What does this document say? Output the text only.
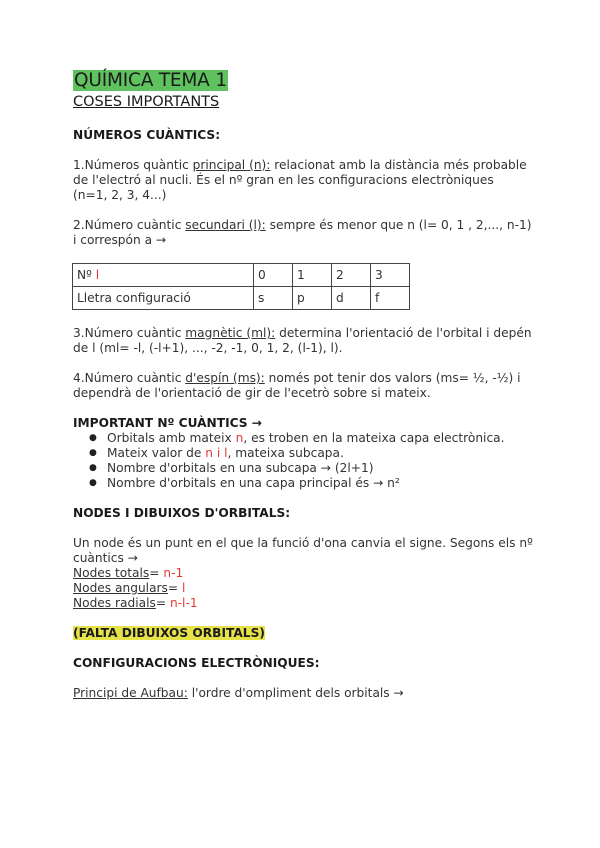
QUÍMICA TEMA 1
COSES IMPORTANTS

NÚMEROS CUÀNTICS:

1.Números quàntic principal (n): relacionat amb la distància més probable de l'electró al nucli. És el nº gran en les configuracions electròniques
(n=1, 2, 3, 4...)

2.Número cuàntic secundari (l): sempre és menor que n (l= 0, 1 , 2,..., n-1) i correspón a →

Nº l	0	1	2	3
Lletra configuració	s	p	d	f

3.Número cuàntic magnètic (ml): determina l'orientació de l'orbital i depén de l (ml= -l, (-l+1), ..., -2, -1, 0, 1, 2, (l-1), l).

4.Número cuàntic d'espín (ms): només pot tenir dos valors (ms= ½, -½) i dependrà de l'orientació de gir de l'ecetrò sobre si mateix.

IMPORTANT Nº CUÀNTICS →

● Orbitals amb mateix n, es troben en la mateixa capa electrònica.
● Mateix valor de n i l, mateixa subcapa.
● Nombre d'orbitals en una subcapa → (2l+1)
● Nombre d'orbitals en una capa principal és → n²

NODES I DIBUIXOS D'ORBITALS:

Un node és un punt en el que la funció d'ona canvia el signe. Segons els nº cuàntics →

Nodes totals= n-1

Nodes angulars= l

Nodes radials= n-l-1

(FALTA DIBUIXOS ORBITALS)

CONFIGURACIONS ELECTRÒNIQUES:

Principi de Aufbau: l'ordre d'ompliment dels orbitals →
